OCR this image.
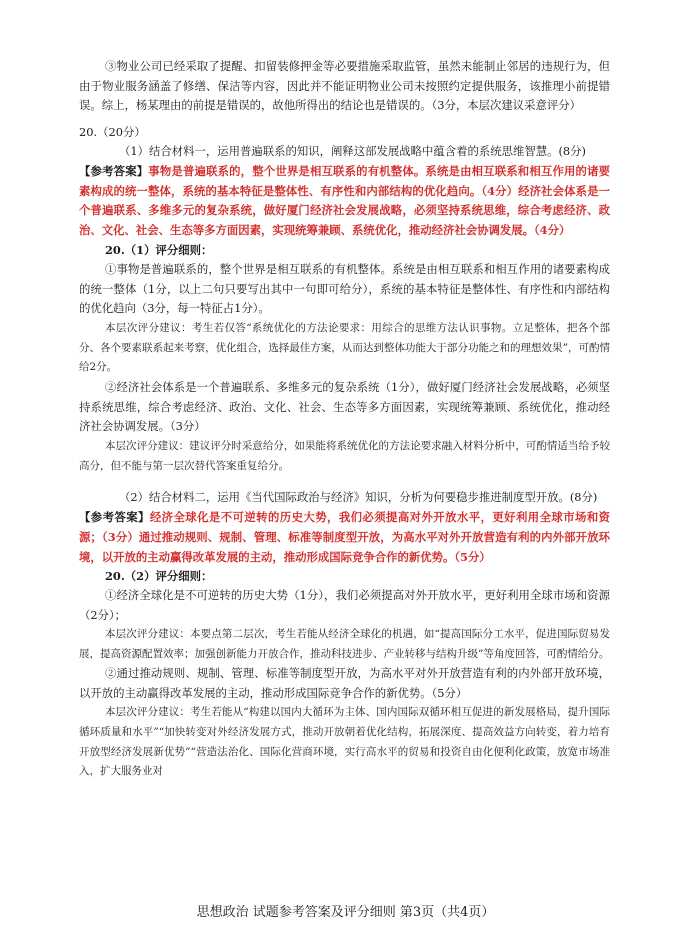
③物业公司已经采取了提醒、扣留装修押金等必要措施采取监管，虽然未能制止邻居的违规行为，但由于物业服务涵盖了修缮、保洁等内容，因此并不能证明物业公司未按照约定提供服务，该推理小前提错误。综上，杨某理由的前提是错误的，故他所得出的结论也是错误的。（3分，本层次建议采意评分）

20.（20分）

（1）结合材料一，运用普遍联系的知识，阐释这部发展战略中蕴含着的系统思维智慧。(8分)

【参考答案】事物是普遍联系的，整个世界是相互联系的有机整体。系统是由相互联系和相互作用的诸要素构成的统一整体，系统的基本特征是整体性、有序性和内部结构的优化趋向。（4分）经济社会体系是一个普遍联系、多维多元的复杂系统，做好厦门经济社会发展战略，必须坚持系统思维，综合考虑经济、政治、文化、社会、生态等多方面因素，实现统筹兼顾、系统优化，推动经济社会协调发展。（4分）

20.（1）评分细则：

①事物是普遍联系的，整个世界是相互联系的有机整体。系统是由相互联系和相互作用的诸要素构成的统一整体（1分，以上二句只要写出其中一句即可给分），系统的基本特征是整体性、有序性和内部结构的优化趋向（3分，每一特征占1分）。

本层次评分建议：考生若仅答“系统优化的方法论要求：用综合的思维方法认识事物。立足整体，把各个部分、各个要素联系起来考察，优化组合，选择最佳方案，从而达到整体功能大于部分功能之和的理想效果”，可酌情给2分。

②经济社会体系是一个普遍联系、多维多元的复杂系统（1分），做好厦门经济社会发展战略，必须坚持系统思维，综合考虑经济、政治、文化、社会、生态等多方面因素，实现统筹兼顾、系统优化，推动经济社会协调发展。（3分）

本层次评分建议：建议评分时采意给分，如果能将系统优化的方法论要求融入材料分析中，可酌情适当给予较高分，但不能与第一层次替代答案重复给分。

（2）结合材料二，运用《当代国际政治与经济》知识，分析为何要稳步推进制度型开放。(8分)

【参考答案】经济全球化是不可逆转的历史大势，我们必须提高对外开放水平，更好利用全球市场和资源；（3分）通过推动规则、规制、管理、标准等制度型开放，为高水平对外开放营造有利的内外部开放环境，以开放的主动赢得改革发展的主动，推动形成国际竞争合作的新优势。（5分）

20.（2）评分细则：

①经济全球化是不可逆转的历史大势（1分），我们必须提高对外开放水平，更好利用全球市场和资源（2分）；

本层次评分建议：本要点第二层次，考生若能从经济全球化的机遇，如“提高国际分工水平，促进国际贸易发展，提高资源配置效率；加强创新能力开放合作，推动科技进步、产业转移与结构升级”等角度回答，可酌情给分。

②通过推动规则、规制、管理、标准等制度型开放，为高水平对外开放营造有利的内外部开放环境，以开放的主动赢得改革发展的主动，推动形成国际竞争合作的新优势。（5分）

本层次评分建议：考生若能从“构建以国内大循环为主体、国内国际双循环相互促进的新发展格局，提升国际循环质量和水平”“加快转变对外经济发展方式，推动开放朝着优化结构，拓展深度、提高效益方向转变，着力培育开放型经济发展新优势”“营造法治化、国际化营商环境，实行高水平的贸易和投资自由化便利化政策，放宽市场准入，扩大服务业对

思想政治 试题参考答案及评分细则 第3页（共4页）
